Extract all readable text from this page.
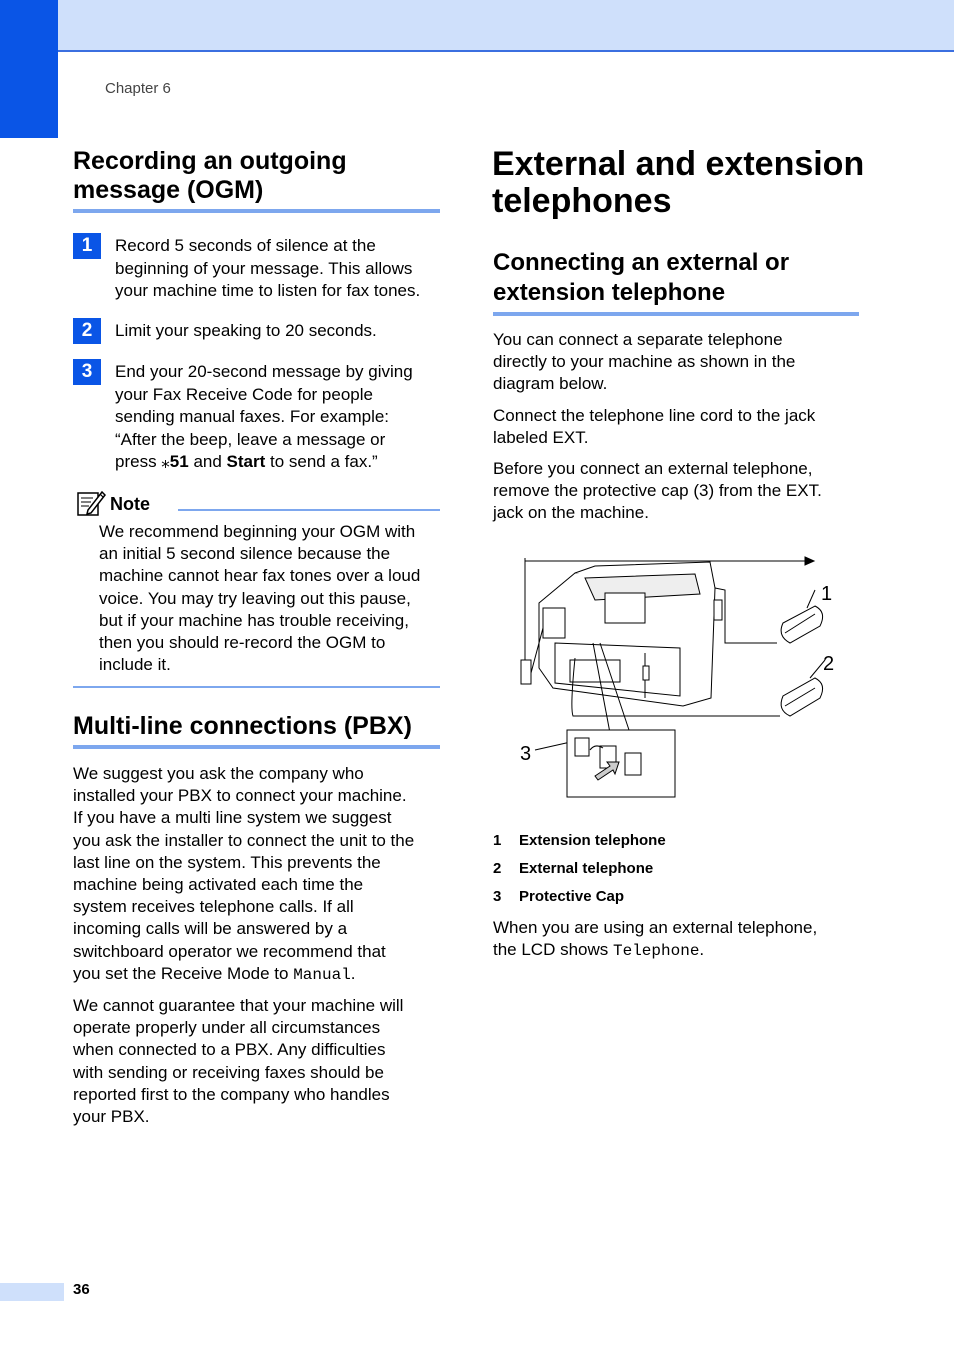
Chapter 6
Recording an outgoing
message (OGM)
1	Record 5 seconds of silence at the
beginning of your message. This allows
your machine time to listen for fax tones.
2	Limit your speaking to 20 seconds.
3	End your 20-second message by giving
your Fax Receive Code for people
sending manual faxes. For example:
“After the beep, leave a message or
press ⁎51 and Start to send a fax.”
Note
We recommend beginning your OGM with
an initial 5 second silence because the
machine cannot hear fax tones over a loud
voice. You may try leaving out this pause,
but if your machine has trouble receiving,
then you should re-record the OGM to
include it.
Multi-line connections (PBX)
We suggest you ask the company who
installed your PBX to connect your machine.
If you have a multi line system we suggest
you ask the installer to connect the unit to the
last line on the system. This prevents the
machine being activated each time the
system receives telephone calls. If all
incoming calls will be answered by a
switchboard operator we recommend that
you set the Receive Mode to Manual.
We cannot guarantee that your machine will
operate properly under all circumstances
when connected to a PBX. Any difficulties
with sending or receiving faxes should be
reported first to the company who handles
your PBX.
External and extension
telephones
Connecting an external or
extension telephone
You can connect a separate telephone
directly to your machine as shown in the
diagram below.
Connect the telephone line cord to the jack
labeled EXT.
Before you connect an external telephone,
remove the protective cap (3) from the EXT.
jack on the machine.
1
2
3
1 Extension telephone
2 External telephone
3 Protective Cap
When you are using an external telephone,
the LCD shows Telephone.
36
